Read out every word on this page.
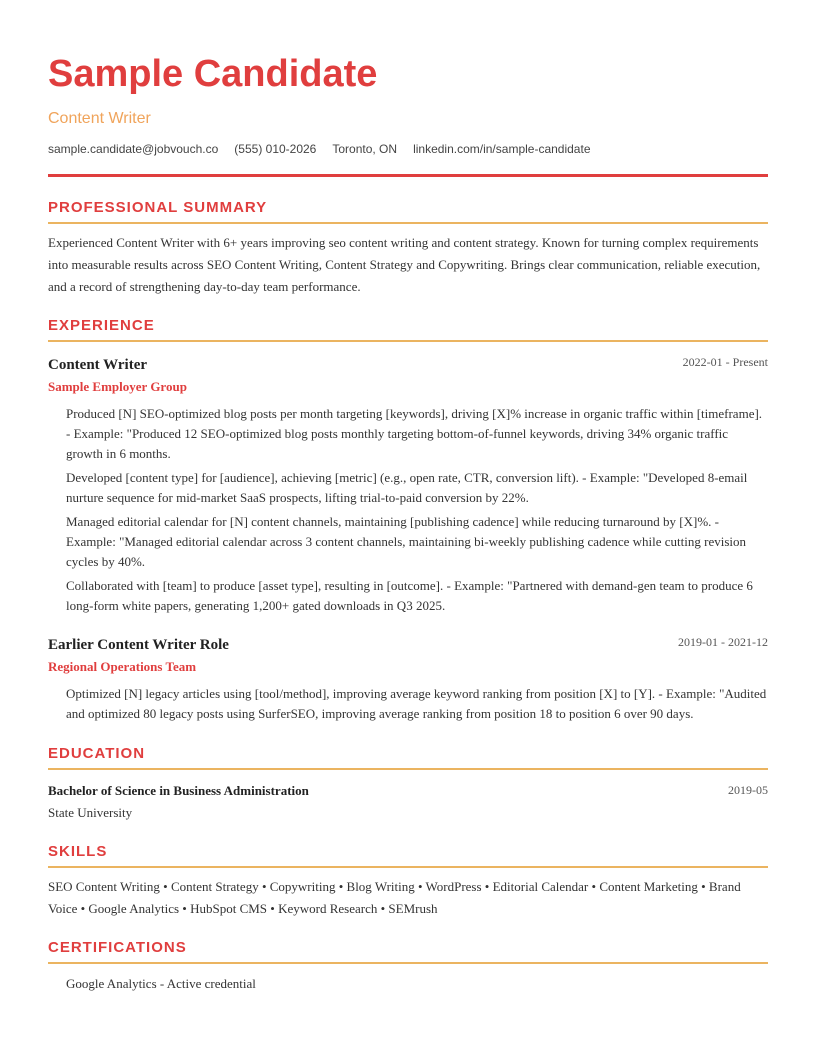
Sample Candidate
Content Writer
sample.candidate@jobvouch.co (555) 010-2026 Toronto, ON linkedin.com/in/sample-candidate
PROFESSIONAL SUMMARY

Experienced Content Writer with 6+ years improving seo content writing and content strategy. Known for turning complex requirements into measurable results across SEO Content Writing, Content Strategy and Copywriting. Brings clear communication, reliable execution, and a record of strengthening day-to-day team performance.

EXPERIENCE
Content Writer	2022-01 - Present
Sample Employer Group
Produced [N] SEO-optimized blog posts per month targeting [keywords], driving [X]% increase in organic traffic within [timeframe]. - Example: "Produced 12 SEO-optimized blog posts monthly targeting bottom-of-funnel keywords, driving 34% organic traffic growth in 6 months.
Developed [content type] for [audience], achieving [metric] (e.g., open rate, CTR, conversion lift). - Example: "Developed 8-email nurture sequence for mid-market SaaS prospects, lifting trial-to-paid conversion by 22%.
Managed editorial calendar for [N] content channels, maintaining [publishing cadence] while reducing turnaround by [X]%. - Example: "Managed editorial calendar across 3 content channels, maintaining bi-weekly publishing cadence while cutting revision cycles by 40%.
Collaborated with [team] to produce [asset type], resulting in [outcome]. - Example: "Partnered with demand-gen team to produce 6 long-form white papers, generating 1,200+ gated downloads in Q3 2025.
Earlier Content Writer Role	2019-01 - 2021-12
Regional Operations Team
Optimized [N] legacy articles using [tool/method], improving average keyword ranking from position [X] to [Y]. - Example: "Audited and optimized 80 legacy posts using SurferSEO, improving average ranking from position 18 to position 6 over 90 days.
EDUCATION
Bachelor of Science in Business Administration	2019-05
State University
SKILLS

SEO Content Writing • Content Strategy • Copywriting • Blog Writing • WordPress • Editorial Calendar • Content Marketing • Brand Voice • Google Analytics • HubSpot CMS • Keyword Research • SEMrush

CERTIFICATIONS
Google Analytics - Active credential
